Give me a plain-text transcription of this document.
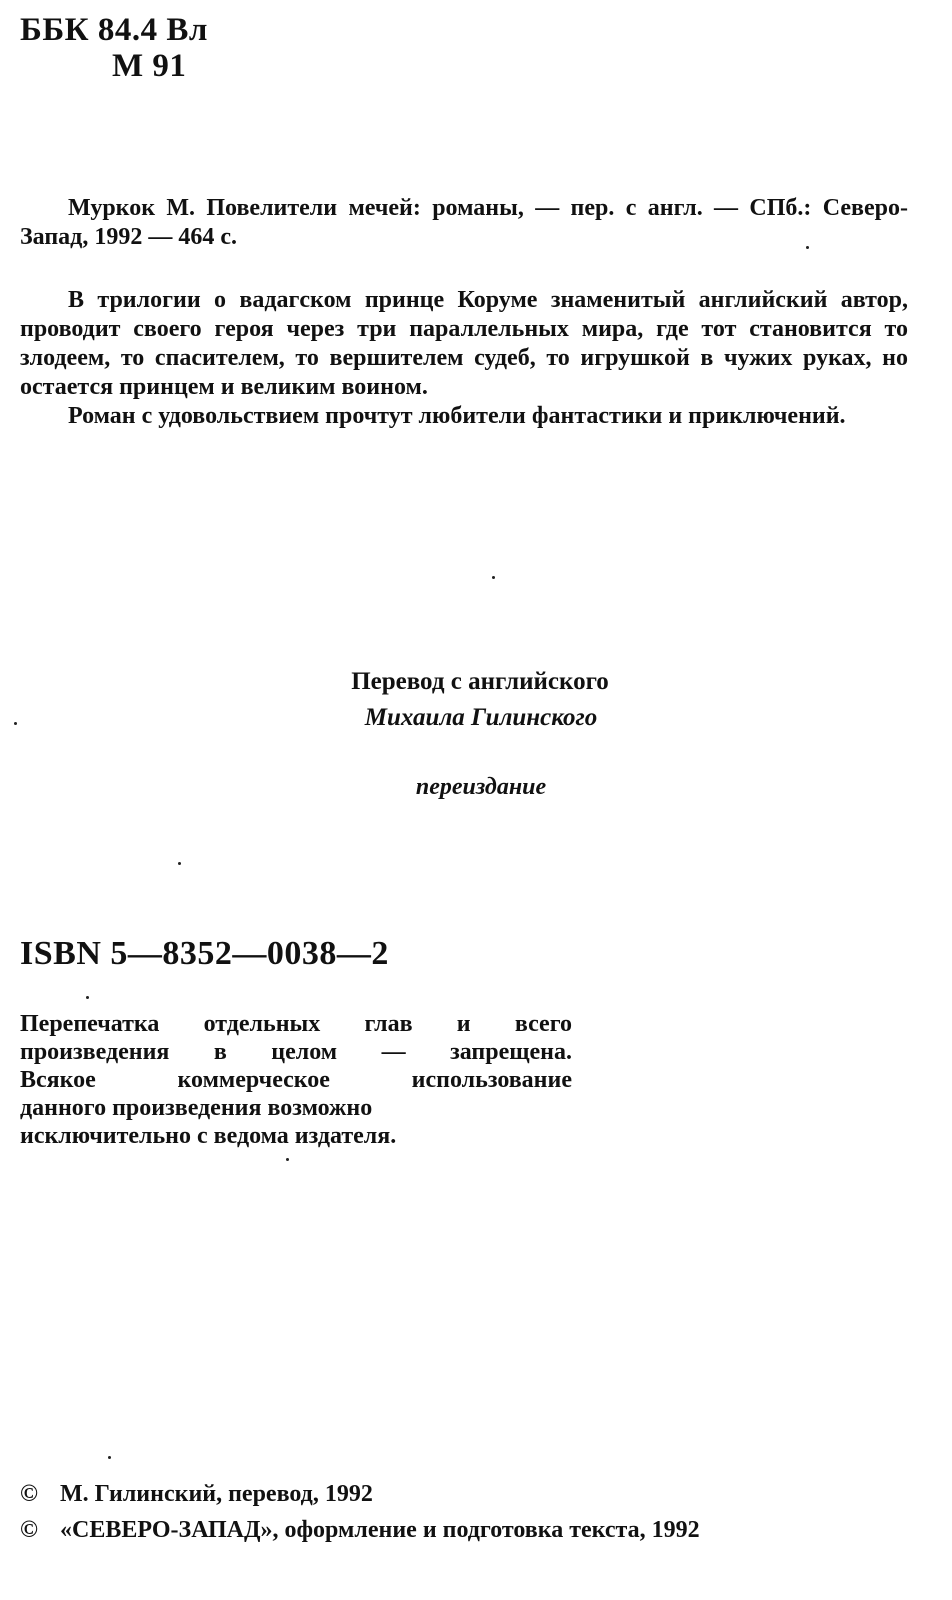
ББК 84.4 Вл
М 91

Муркок М. Повелители мечей: романы, — пер. с англ. — СПб.: Северо-Запад, 1992 — 464 с.

В трилогии о вадагском принце Коруме знаменитый английский автор, проводит своего героя через три параллельных мира, где тот становится то злодеем, то спасителем, то вершителем судеб, то игрушкой в чужих руках, но остается принцем и великим воином.

Роман с удовольствием прочтут любители фантастики и приключений.

Перевод с английского
Михаила Гилинского
переиздание
ISBN 5—8352—0038—2
Перепечатка отдельных глав и всего
произведения в целом — запрещена.
Всякое коммерческое использование
данного произведения возможно
исключительно с ведома издателя.
© М. Гилинский, перевод, 1992
© «СЕВЕРО-ЗАПАД», оформление и подготовка текста, 1992
